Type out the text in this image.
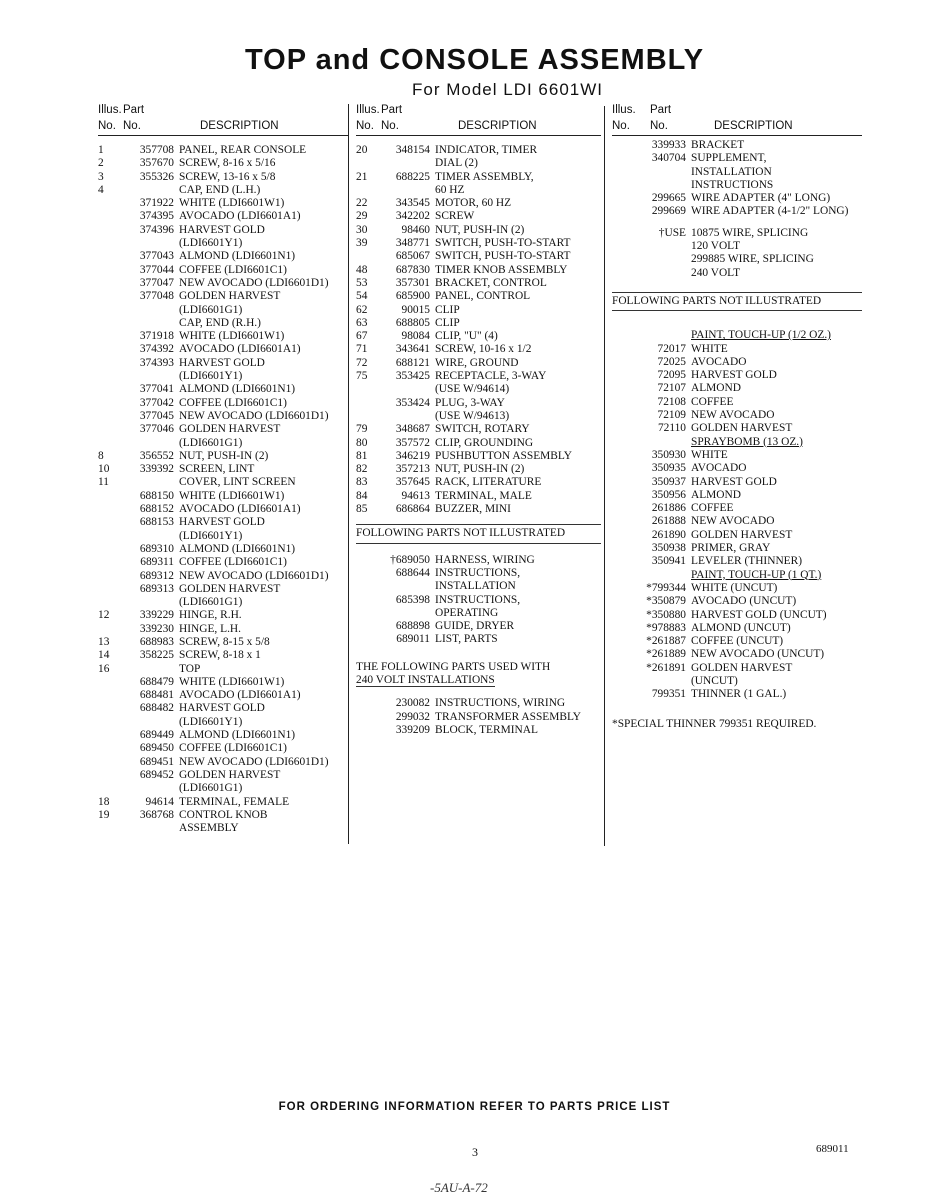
TOP and CONSOLE ASSEMBLY
For Model LDI 6601WI
Illus. Part
No. No.	DESCRIPTION
1	357708 PANEL, REAR CONSOLE
2	357670 SCREW, 8-16 x 5/16
3	355326 SCREW, 13-16 x 5/8
4	CAP, END (L.H.)
371922 WHITE (LDI6601W1)
374395 AVOCADO (LDI6601A1)
374396 HARVEST GOLD
(LDI6601Y1)
377043 ALMOND (LDI6601N1)
377044 COFFEE (LDI6601C1)
377047 NEW AVOCADO (LDI6601D1)
377048 GOLDEN HARVEST
(LDI6601G1)
CAP, END (R.H.)
371918 WHITE (LDI6601W1)
374392 AVOCADO (LDI6601A1)
374393 HARVEST GOLD
(LDI6601Y1)
377041 ALMOND (LDI6601N1)
377042 COFFEE (LDI6601C1)
377045 NEW AVOCADO (LDI6601D1)
377046 GOLDEN HARVEST
(LDI6601G1)
8	356552 NUT, PUSH-IN (2)
10	339392 SCREEN, LINT
11	COVER, LINT SCREEN
688150 WHITE (LDI6601W1)
688152 AVOCADO (LDI6601A1)
688153 HARVEST GOLD
(LDI6601Y1)
689310 ALMOND (LDI6601N1)
689311 COFFEE (LDI6601C1)
689312 NEW AVOCADO (LDI6601D1)
689313 GOLDEN HARVEST
(LDI6601G1)
12	339229 HINGE, R.H.
339230 HINGE, L.H.
13	688983 SCREW, 8-15 x 5/8
14	358225 SCREW, 8-18 x 1
16	TOP
688479 WHITE (LDI6601W1)
688481 AVOCADO (LDI6601A1)
688482 HARVEST GOLD
(LDI6601Y1)
689449 ALMOND (LDI6601N1)
689450 COFFEE (LDI6601C1)
689451 NEW AVOCADO (LDI6601D1)
689452 GOLDEN HARVEST
(LDI6601G1)
18	94614 TERMINAL, FEMALE
19	368768 CONTROL KNOB
ASSEMBLY
Illus. Part
No. No.	DESCRIPTION
20	348154 INDICATOR, TIMER
DIAL (2)
21	688225 TIMER ASSEMBLY,
60 HZ
22	343545 MOTOR, 60 HZ
29	342202 SCREW
30	98460 NUT, PUSH-IN (2)
39	348771 SWITCH, PUSH-TO-START
685067 SWITCH, PUSH-TO-START
48	687830 TIMER KNOB ASSEMBLY
53	357301 BRACKET, CONTROL
54	685900 PANEL, CONTROL
62	90015 CLIP
63	688805 CLIP
67	98084 CLIP, "U" (4)
71	343641 SCREW, 10-16 x 1/2
72	688121 WIRE, GROUND
75	353425 RECEPTACLE, 3-WAY
(USE W/94614)
353424 PLUG, 3-WAY
(USE W/94613)
79	348687 SWITCH, ROTARY
80	357572 CLIP, GROUNDING
81	346219 PUSHBUTTON ASSEMBLY
82	357213 NUT, PUSH-IN (2)
83	357645 RACK, LITERATURE
84	94613 TERMINAL, MALE
85	686864 BUZZER, MINI
FOLLOWING PARTS NOT ILLUSTRATED
†689050 HARNESS, WIRING
688644 INSTRUCTIONS,
INSTALLATION
685398 INSTRUCTIONS,
OPERATING
688898 GUIDE, DRYER
689011 LIST, PARTS
THE FOLLOWING PARTS USED WITH
240 VOLT INSTALLATIONS
230082 INSTRUCTIONS, WIRING
299032 TRANSFORMER ASSEMBLY
339209 BLOCK, TERMINAL
Illus. Part
No. No.	DESCRIPTION
339933 BRACKET
340704 SUPPLEMENT,
INSTALLATION
INSTRUCTIONS
299665 WIRE ADAPTER (4" LONG)
299669 WIRE ADAPTER (4-1/2" LONG)
†USE 10875 WIRE, SPLICING
120 VOLT
299885 WIRE, SPLICING
240 VOLT
FOLLOWING PARTS NOT ILLUSTRATED
PAINT, TOUCH-UP (1/2 OZ.)
72017 WHITE
72025 AVOCADO
72095 HARVEST GOLD
72107 ALMOND
72108 COFFEE
72109 NEW AVOCADO
72110 GOLDEN HARVEST
SPRAYBOMB (13 OZ.)
350930 WHITE
350935 AVOCADO
350937 HARVEST GOLD
350956 ALMOND
261886 COFFEE
261888 NEW AVOCADO
261890 GOLDEN HARVEST
350938 PRIMER, GRAY
350941 LEVELER (THINNER)
PAINT, TOUCH-UP (1 QT.)
*799344 WHITE (UNCUT)
*350879 AVOCADO (UNCUT)
*350880 HARVEST GOLD (UNCUT)
*978883 ALMOND (UNCUT)
*261887 COFFEE (UNCUT)
*261889 NEW AVOCADO (UNCUT)
*261891 GOLDEN HARVEST
(UNCUT)
799351 THINNER (1 GAL.)
*SPECIAL THINNER 799351 REQUIRED.
FOR ORDERING INFORMATION REFER TO PARTS PRICE LIST
3	689011
-5AU-A-72
